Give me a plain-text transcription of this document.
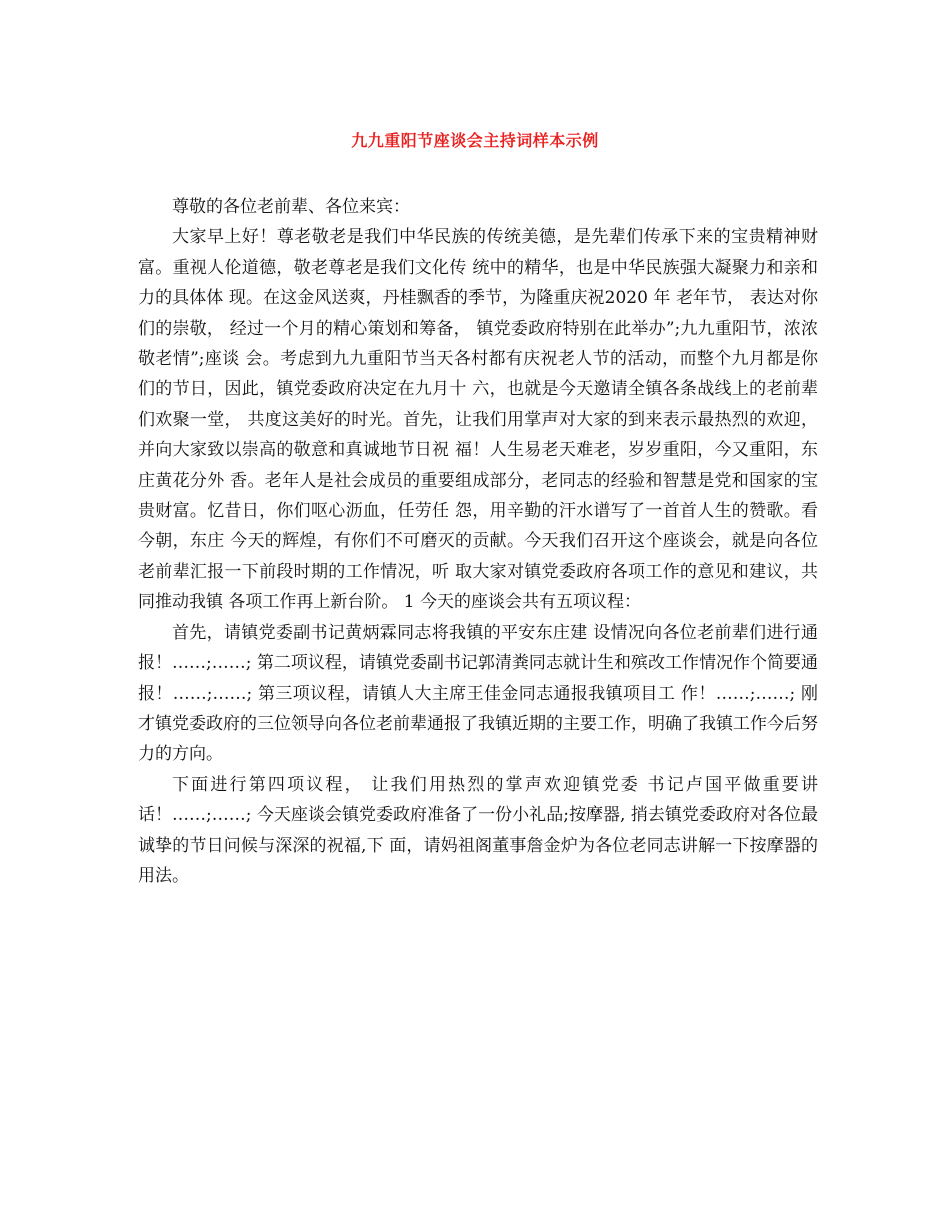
九九重阳节座谈会主持词样本示例

尊敬的各位老前辈、各位来宾：

大家早上好！尊老敬老是我们中华民族的传统美德，是先辈们传承下来的宝贵精神财富。重视人伦道德，敬老尊老是我们文化传 统中的精华，也是中华民族强大凝聚力和亲和力的具体体 现。在这金风送爽，丹桂飘香的季节，为隆重庆祝2020 年 老年节， 表达对你们的崇敬， 经过一个月的精心策划和筹备， 镇党委政府特别在此举办”;九九重阳节，浓浓敬老情”;座谈 会。考虑到九九重阳节当天各村都有庆祝老人节的活动，而整个九月都是你们的节日，因此，镇党委政府决定在九月十 六，也就是今天邀请全镇各条战线上的老前辈们欢聚一堂， 共度这美好的时光。首先，让我们用掌声对大家的到来表示最热烈的欢迎，并向大家致以崇高的敬意和真诚地节日祝 福！人生易老天难老，岁岁重阳，今又重阳，东庄黄花分外 香。老年人是社会成员的重要组成部分，老同志的经验和智慧是党和国家的宝贵财富。忆昔日，你们呕心沥血，任劳任 怨，用辛勤的汗水谱写了一首首人生的赞歌。看今朝，东庄 今天的辉煌，有你们不可磨灭的贡献。今天我们召开这个座谈会，就是向各位老前辈汇报一下前段时期的工作情况，听 取大家对镇党委政府各项工作的意见和建议，共同推动我镇 各项工作再上新台阶。 1 今天的座谈会共有五项议程：

首先，请镇党委副书记黄炳霖同志将我镇的平安东庄建 设情况向各位老前辈们进行通报！……;……; 第二项议程，请镇党委副书记郭清粪同志就计生和殡改工作情况作个简要通报！……;……; 第三项议程，请镇人大主席王佳金同志通报我镇项目工 作！……;……; 刚才镇党委政府的三位领导向各位老前辈通报了我镇近期的主要工作，明确了我镇工作今后努力的方向。

下面进行第四项议程， 让我们用热烈的掌声欢迎镇党委 书记卢国平做重要讲话！……;……; 今天座谈会镇党委政府准备了一份小礼品;按摩器, 捎去镇党委政府对各位最诚挚的节日问候与深深的祝福,下 面，请妈祖阁董事詹金炉为各位老同志讲解一下按摩器的用法。
